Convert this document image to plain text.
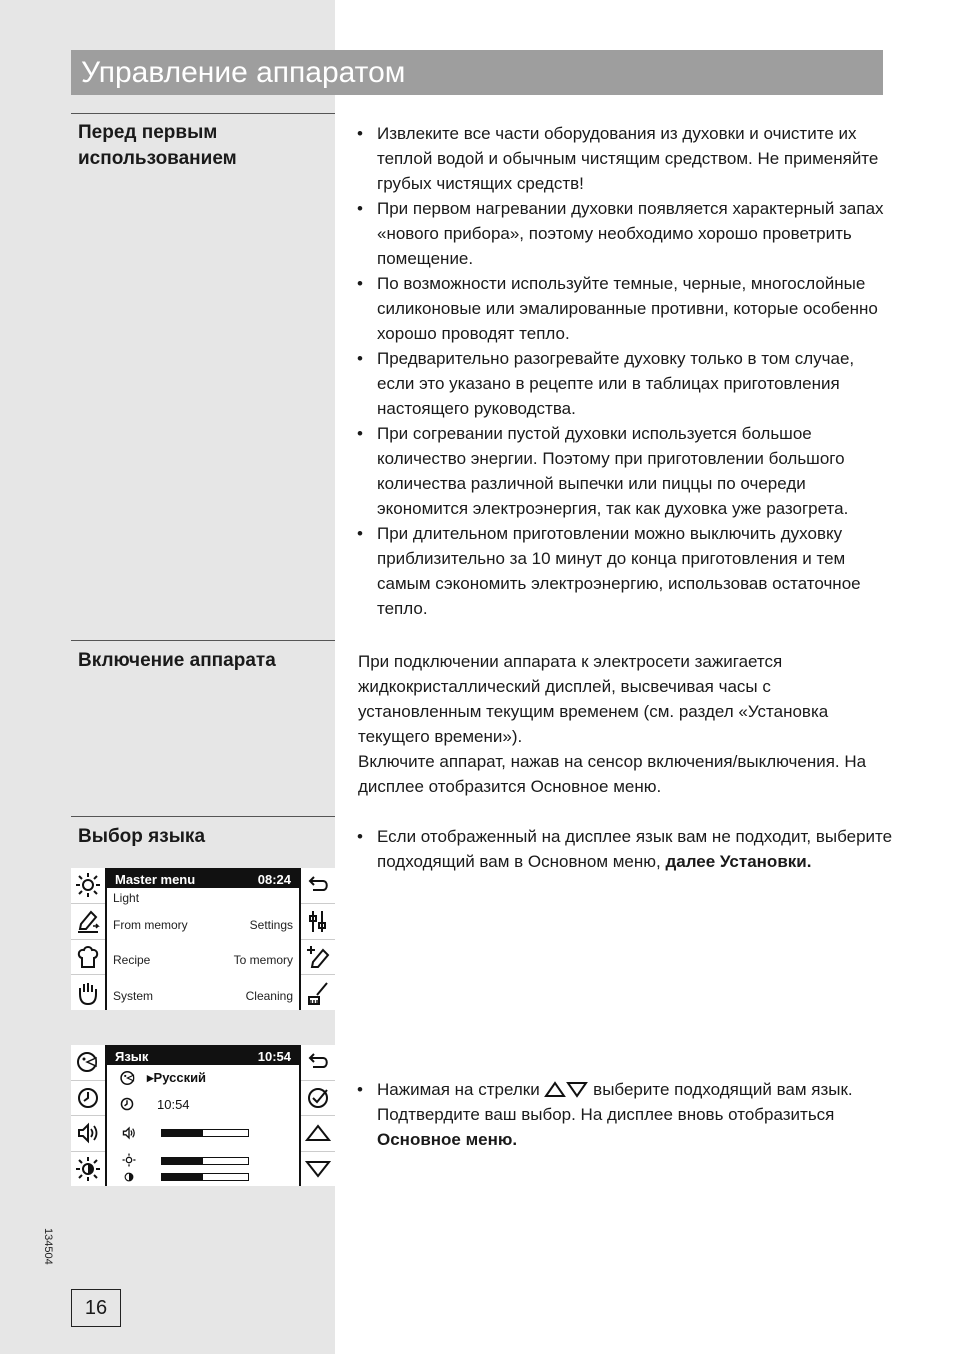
Управление аппаратом
Перед первым использованием
• Извлеките все части оборудования из духовки и очистите их теплой водой и обычным чистящим средством. Не применяйте грубых чистящих средств!
• При первом нагревании духовки появляется характерный запах «нового прибора», поэтому необходимо хорошо проветрить помещение.
• По возможности используйте темные, черные, многослойные силиконовые или эмалированные противни, которые особенно хорошо проводят тепло.
• Предварительно разогревайте духовку только в том случае, если это указано в рецепте или в таблицах приготовления настоящего руководства.
• При согревании пустой духовки используется большое количество энергии. Поэтому при приготовлении большого количества различной выпечки или пиццы по очереди экономится электроэнергия, так как духовка уже разогрета.
• При длительном приготовлении можно выключить духовку приблизительно за 10 минут до конца приготовления и тем самым сэкономить электроэнергию, использовав остаточное тепло.
Включение аппарата	При подключении аппарата к электросети зажигается жидкокристаллический дисплей, высвечивая часы с установленным текущим временем (см. раздел «Установка текущего времени»).

Включите аппарат, нажав на сенсор включения/выключения. На дисплее отобразится Основное меню.

Выбор языка	• Если отображенный на дисплее язык вам не подходит, выберите подходящий вам в Основном меню, далее Установки.
• Нажимая на стрелки	выберите подходящий вам язык. Подтвердите ваш выбор. На дисплее вновь отобразиться Основное меню.
Master menu	08:24
Light
From memory	Settings
Recipe	To memory
System	Cleaning
Язык	10:54
▸Русский
10:54
134504
16
